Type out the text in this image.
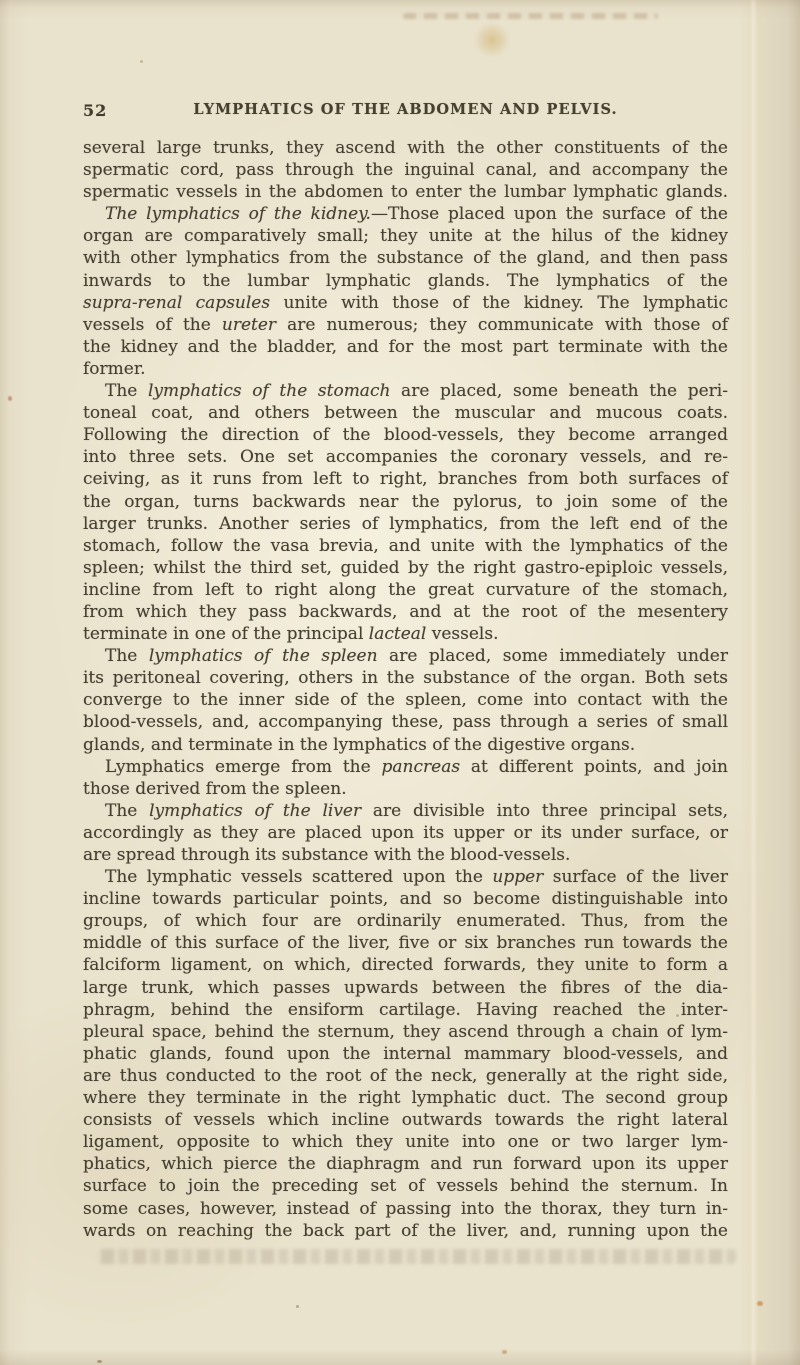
52	LYMPHATICS OF THE ABDOMEN AND PELVIS.
several large trunks, they ascend with the other constituents of the
spermatic cord, pass through the inguinal canal, and accompany the
spermatic vessels in the abdomen to enter the lumbar lymphatic glands.
The lymphatics of the kidney.—Those placed upon the surface of the
organ are comparatively small; they unite at the hilus of the kidney
with other lymphatics from the substance of the gland, and then pass
inwards to the lumbar lymphatic glands. The lymphatics of the
supra-renal capsules unite with those of the kidney. The lymphatic
vessels of the ureter are numerous; they communicate with those of
the kidney and the bladder, and for the most part terminate with the
former.
The lymphatics of the stomach are placed, some beneath the peri-
toneal coat, and others between the muscular and mucous coats.
Following the direction of the blood-vessels, they become arranged
into three sets. One set accompanies the coronary vessels, and re-
ceiving, as it runs from left to right, branches from both surfaces of
the organ, turns backwards near the pylorus, to join some of the
larger trunks. Another series of lymphatics, from the left end of the
stomach, follow the vasa brevia, and unite with the lymphatics of the
spleen; whilst the third set, guided by the right gastro-epiploic vessels,
incline from left to right along the great curvature of the stomach,
from which they pass backwards, and at the root of the mesentery
terminate in one of the principal lacteal vessels.
The lymphatics of the spleen are placed, some immediately under
its peritoneal covering, others in the substance of the organ. Both sets
converge to the inner side of the spleen, come into contact with the
blood-vessels, and, accompanying these, pass through a series of small
glands, and terminate in the lymphatics of the digestive organs.
Lymphatics emerge from the pancreas at different points, and join
those derived from the spleen.
The lymphatics of the liver are divisible into three principal sets,
accordingly as they are placed upon its upper or its under surface, or
are spread through its substance with the blood-vessels.
The lymphatic vessels scattered upon the upper surface of the liver
incline towards particular points, and so become distinguishable into
groups, of which four are ordinarily enumerated. Thus, from the
middle of this surface of the liver, five or six branches run towards the
falciform ligament, on which, directed forwards, they unite to form a
large trunk, which passes upwards between the fibres of the dia-
phragm, behind the ensiform cartilage. Having reached the inter-
pleural space, behind the sternum, they ascend through a chain of lym-
phatic glands, found upon the internal mammary blood-vessels, and
are thus conducted to the root of the neck, generally at the right side,
where they terminate in the right lymphatic duct. The second group
consists of vessels which incline outwards towards the right lateral
ligament, opposite to which they unite into one or two larger lym-
phatics, which pierce the diaphragm and run forward upon its upper
surface to join the preceding set of vessels behind the sternum. In
some cases, however, instead of passing into the thorax, they turn in-
wards on reaching the back part of the liver, and, running upon the
